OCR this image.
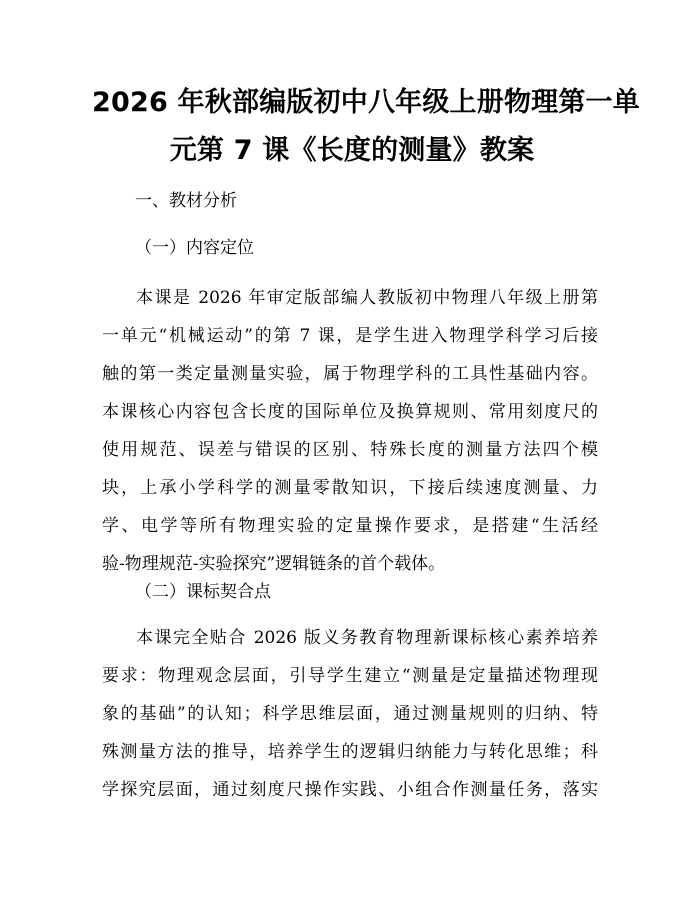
2026 年秋部编版初中八年级上册物理第一单
元第 7 课《长度的测量》教案
一、教材分析
（一）内容定位
本课是 2026 年审定版部编人教版初中物理八年级上册第
一单元“机械运动”的第 7 课，是学生进入物理学科学习后接
触的第一类定量测量实验，属于物理学科的工具性基础内容。
本课核心内容包含长度的国际单位及换算规则、常用刻度尺的
使用规范、误差与错误的区别、特殊长度的测量方法四个模
块，上承小学科学的测量零散知识，下接后续速度测量、力
学、电学等所有物理实验的定量操作要求，是搭建“生活经
验-物理规范-实验探究”逻辑链条的首个载体。
（二）课标契合点
本课完全贴合 2026 版义务教育物理新课标核心素养培养
要求：物理观念层面，引导学生建立“测量是定量描述物理现
象的基础”的认知；科学思维层面，通过测量规则的归纳、特
殊测量方法的推导，培养学生的逻辑归纳能力与转化思维；科
学探究层面，通过刻度尺操作实践、小组合作测量任务，落实
